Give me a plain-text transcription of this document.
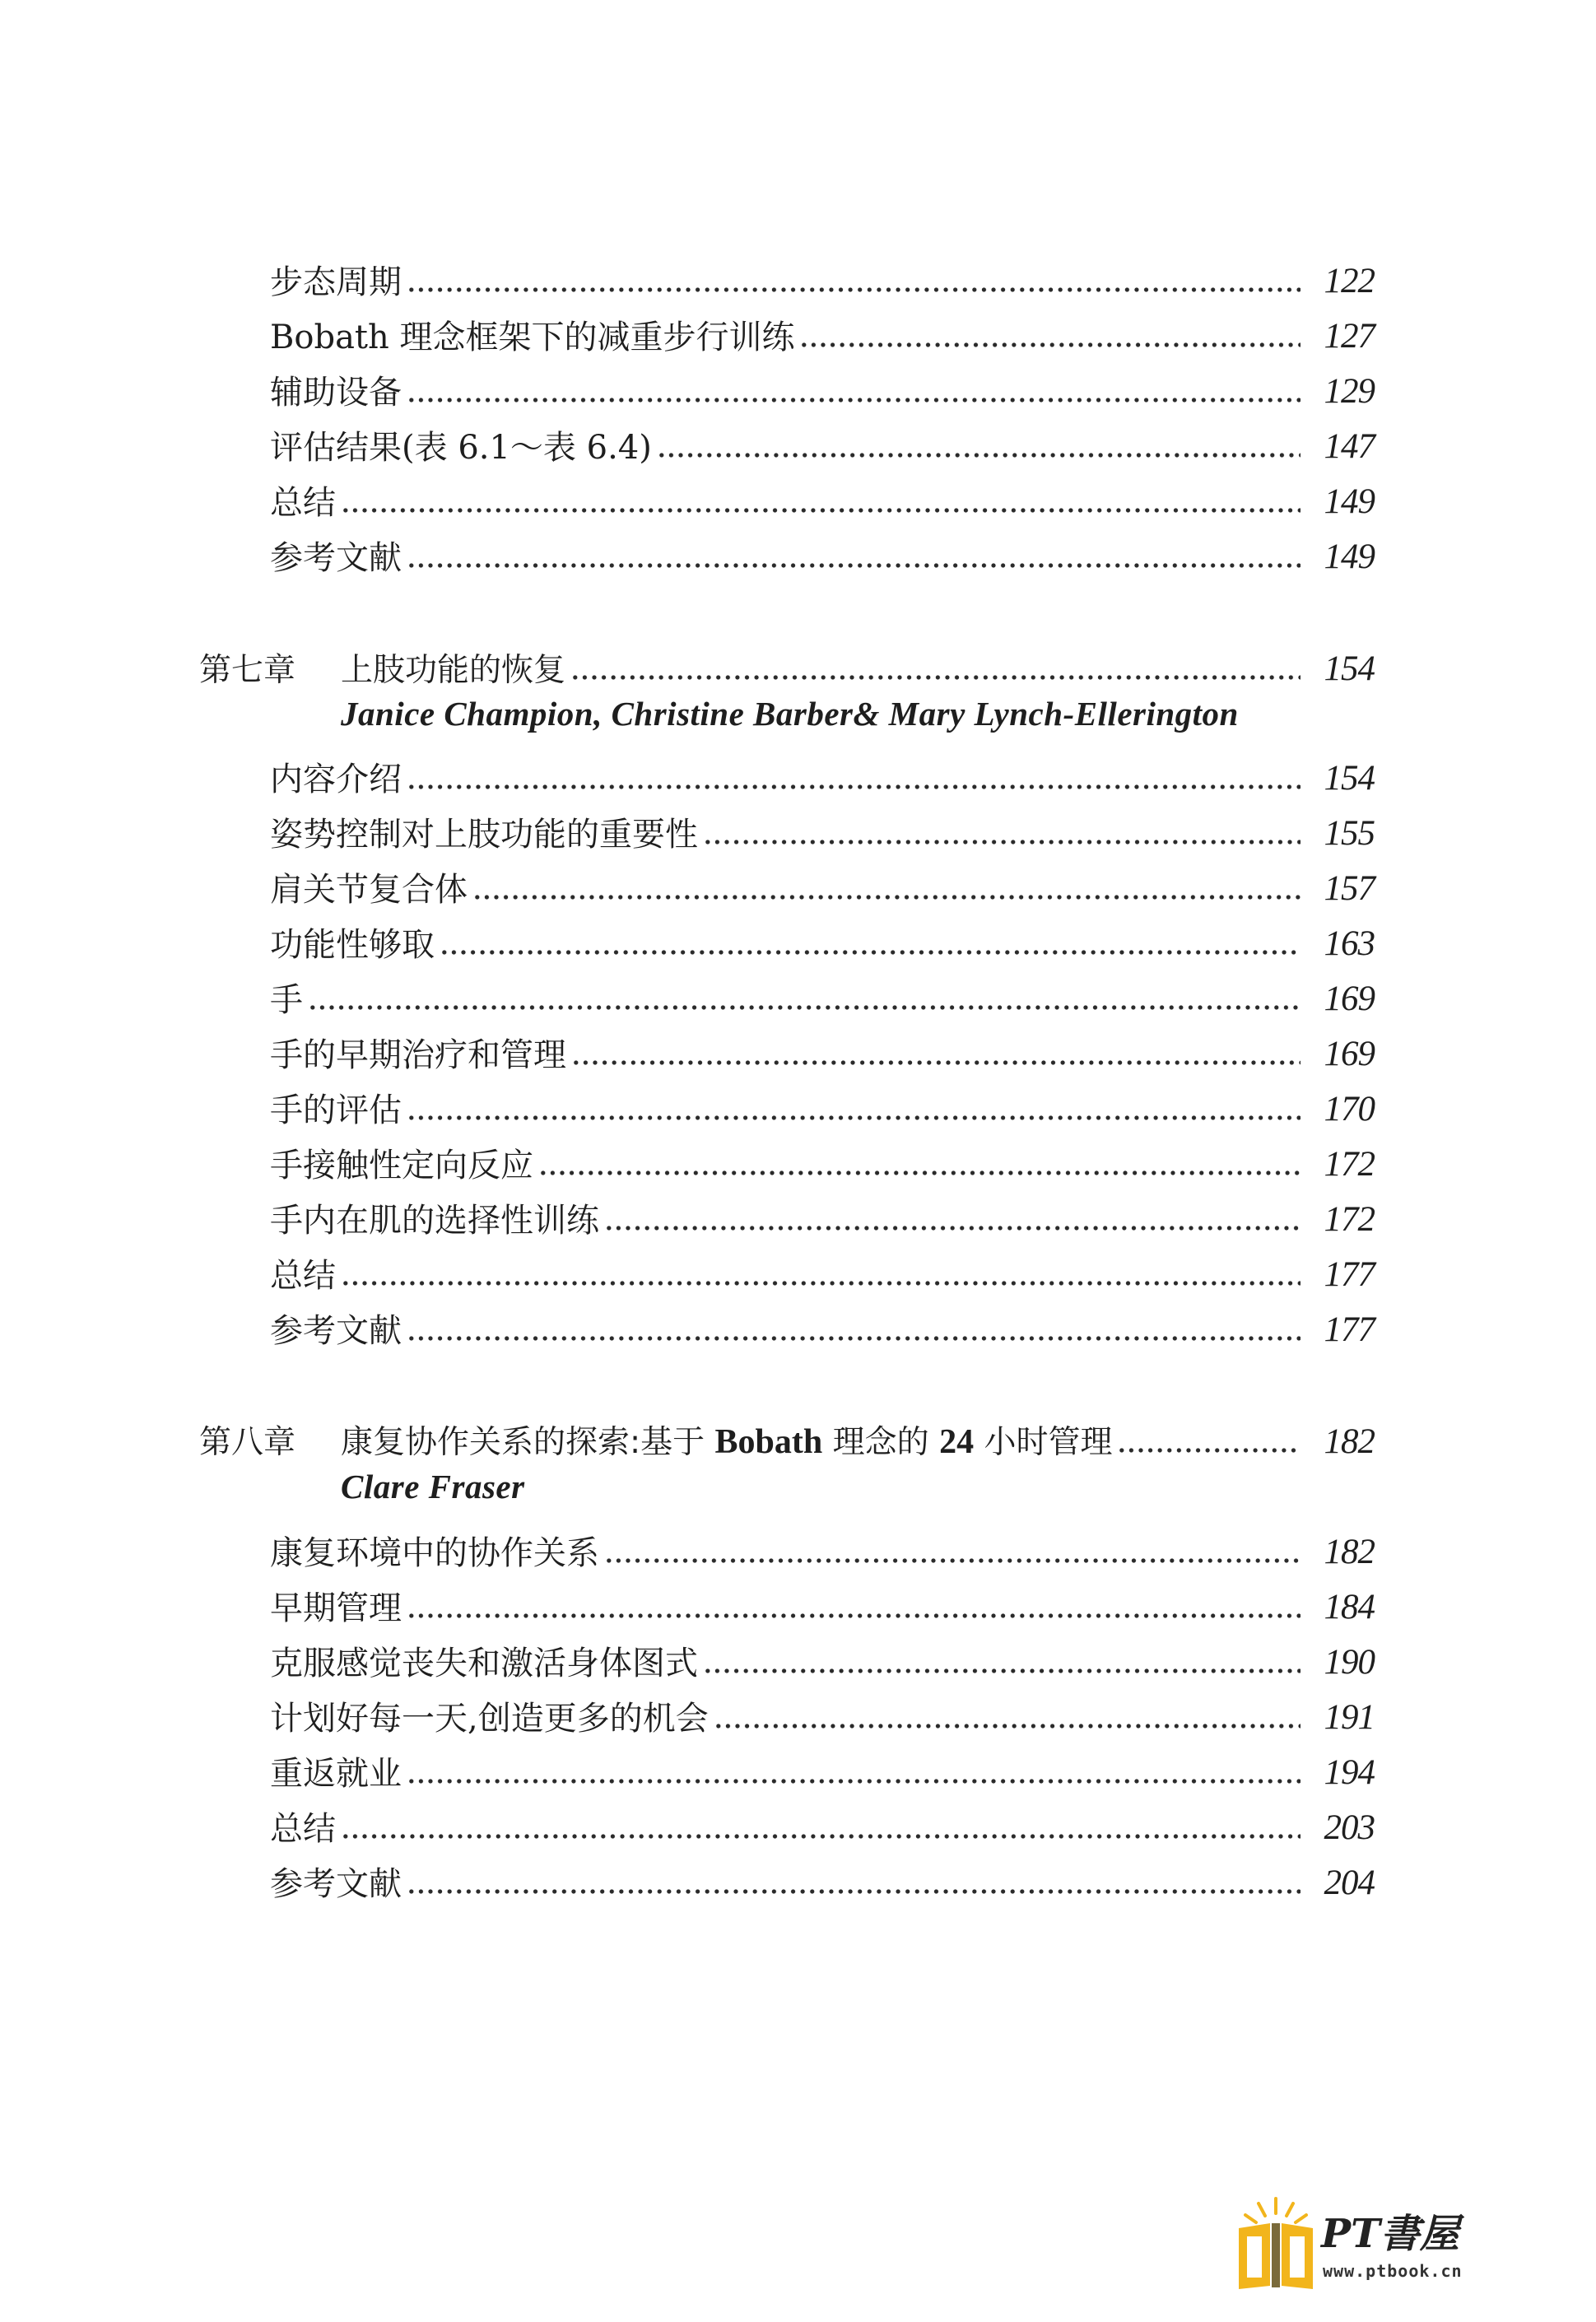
步态周期	122
Bobath 理念框架下的减重步行训练	127
辅助设备	129
评估结果(表 6.1～表 6.4)	147
总结	149
参考文献	149
第七章 上肢功能的恢复	154
Janice Champion, Christine Barber& Mary Lynch-Ellerington
内容介绍	154
姿势控制对上肢功能的重要性	155
肩关节复合体	157
功能性够取	163
手	169
手的早期治疗和管理	169
手的评估	170
手接触性定向反应	172
手内在肌的选择性训练	172
总结	177
参考文献	177
第八章 康复协作关系的探索:基于 Bobath 理念的 24 小时管理	182
Clare Fraser
康复环境中的协作关系	182
早期管理	184
克服感觉丧失和激活身体图式	190
计划好每一天,创造更多的机会	191
重返就业	194
总结	203
参考文献	204
PT書屋
www.ptbook.cn
